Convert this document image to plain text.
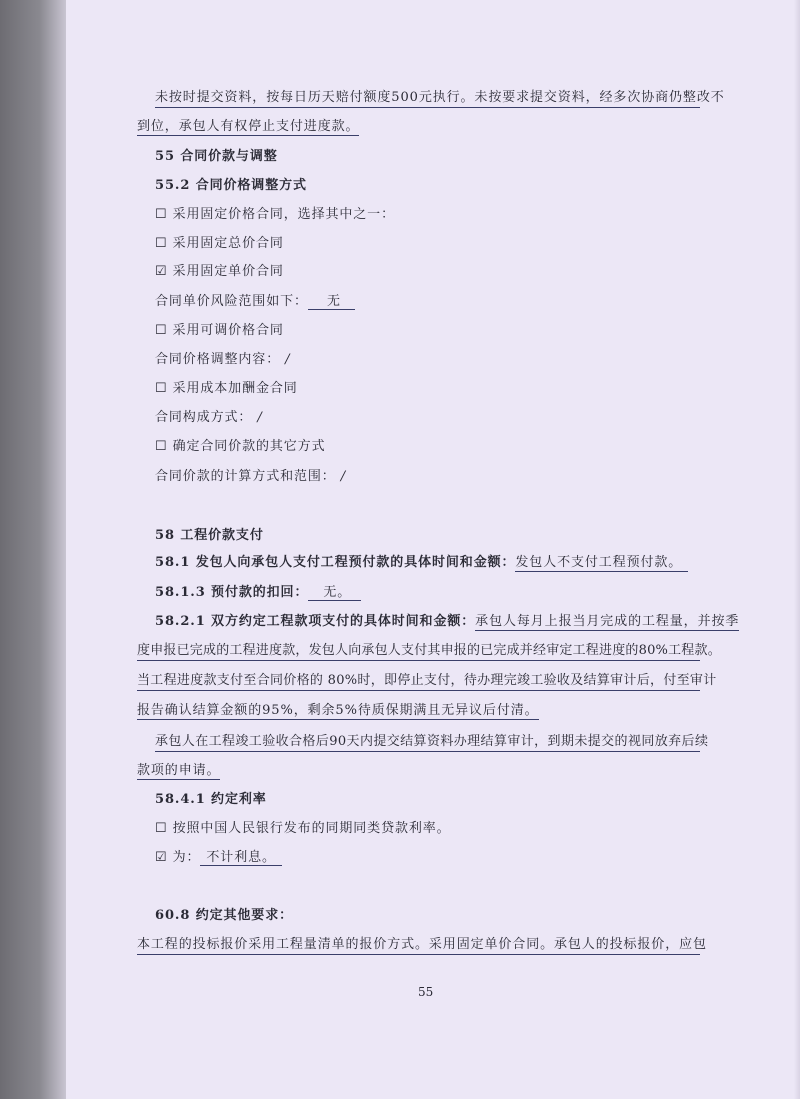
未按时提交资料，按每日历天赔付额度500元执行。未按要求提交资料，经多次协商仍整改不
到位，承包人有权停止支付进度款。
55 合同价款与调整
55.2 合同价格调整方式
☐ 采用固定价格合同，选择其中之一：
☐ 采用固定总价合同
☑ 采用固定单价合同
合同单价风险范围如下： 无
☐ 采用可调价格合同
合同价格调整内容： /
☐ 采用成本加酬金合同
合同构成方式： /
☐ 确定合同价款的其它方式
合同价款的计算方式和范围： /
58 工程价款支付
58.1 发包人向承包人支付工程预付款的具体时间和金额：发包人不支付工程预付款。
58.1.3 预付款的扣回： 无。
58.2.1 双方约定工程款项支付的具体时间和金额：承包人每月上报当月完成的工程量，并按季
度申报已完成的工程进度款，发包人向承包人支付其申报的已完成并经审定工程进度的80%工程款。
当工程进度款支付至合同价格的 80%时，即停止支付，待办理完竣工验收及结算审计后，付至审计
报告确认结算金额的95%，剩余5%待质保期满且无异议后付清。
承包人在工程竣工验收合格后90天内提交结算资料办理结算审计，到期未提交的视同放弃后续
款项的申请。
58.4.1 约定利率
☐ 按照中国人民银行发布的同期同类贷款利率。
☑ 为： 不计利息。
60.8 约定其他要求：
本工程的投标报价采用工程量清单的报价方式。采用固定单价合同。承包人的投标报价，应包
55
